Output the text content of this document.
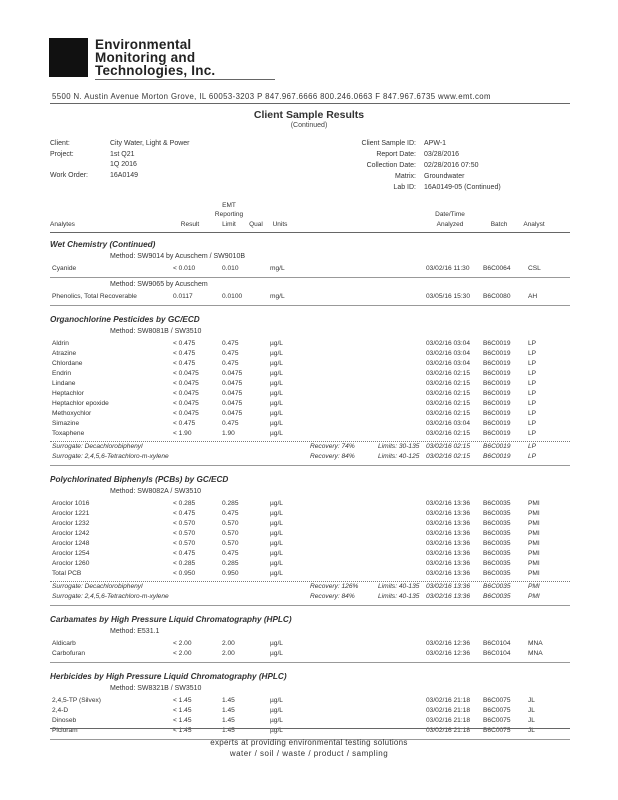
Environmental
Monitoring and
Technologies, Inc.
5500 N. Austin Avenue Morton Grove, IL 60053-3203 P 847.967.6666 800.246.0663 F 847.967.6735 www.emt.com
Client Sample Results
(Continued)
Client:	City Water, Light & Power
Project:	1st Q21
1Q 2016
Work Order:	16A0149
Client Sample ID: APW-1
Report Date: 03/28/2016
Collection Date: 02/28/2016 07:50
Matrix: Groundwater
Lab ID: 16A0149-05 (Continued)
Analytes	Result
EMT
Reporting
Limit	Qual	Units
Date/Time
Analyzed	Batch	Analyst
Wet Chemistry (Continued)
Method: SW9014 by Acuschem / SW9010B
Cyanide	< 0.010	0.010	mg/L	03/02/16 11:30 B6C0064	CSL
Method: SW9065 by Acuschem
Phenolics, Total Recoverable	0.0117	0.0100	mg/L	03/05/16 15:30 B6C0080	AH
Organochlorine Pesticides by GC/ECD
Method: SW8081B / SW3510
Aldrin	< 0.475	0.475	µg/L	03/02/16 03:04 B6C0019	LP
Atrazine	< 0.475	0.475	µg/L	03/02/16 03:04 B6C0019	LP
Chlordane	< 0.475	0.475	µg/L	03/02/16 03:04 B6C0019	LP
Endrin	< 0.0475	0.0475	µg/L	03/02/16 02:15 B6C0019	LP
Lindane	< 0.0475	0.0475	µg/L	03/02/16 02:15 B6C0019	LP
Heptachlor	< 0.0475	0.0475	µg/L	03/02/16 02:15 B6C0019	LP
Heptachlor epoxide	< 0.0475	0.0475	µg/L	03/02/16 02:15 B6C0019	LP
Methoxychlor	< 0.0475	0.0475	µg/L	03/02/16 02:15 B6C0019	LP
Simazine	< 0.475	0.475	µg/L	03/02/16 03:04 B6C0019	LP
Toxaphene	< 1.90	1.90	µg/L	03/02/16 02:15 B6C0019	LP
Surrogate: Decachlorobiphenyl	Recovery: 74%	Limits: 30-135 03/02/16 02:15 B6C0019	LP
Surrogate: 2,4,5,6-Tetrachloro-m-xylene	Recovery: 84%	Limits: 40-125 03/02/16 02:15 B6C0019	LP
Polychlorinated Biphenyls (PCBs) by GC/ECD
Method: SW8082A / SW3510
Aroclor 1016	< 0.285	0.285	µg/L	03/02/16 13:36 B6C0035	PMI
Aroclor 1221	< 0.475	0.475	µg/L	03/02/16 13:36 B6C0035	PMI
Aroclor 1232	< 0.570	0.570	µg/L	03/02/16 13:36 B6C0035	PMI
Aroclor 1242	< 0.570	0.570	µg/L	03/02/16 13:36 B6C0035	PMI
Aroclor 1248	< 0.570	0.570	µg/L	03/02/16 13:36 B6C0035	PMI
Aroclor 1254	< 0.475	0.475	µg/L	03/02/16 13:36 B6C0035	PMI
Aroclor 1260	< 0.285	0.285	µg/L	03/02/16 13:36 B6C0035	PMI
Total PCB	< 0.950	0.950	µg/L	03/02/16 13:36 B6C0035	PMI
Surrogate: Decachlorobiphenyl	Recovery: 126%	Limits: 40-135 03/02/16 13:36 B6C0035	PMI
Surrogate: 2,4,5,6-Tetrachloro-m-xylene	Recovery: 84%	Limits: 40-135 03/02/16 13:36 B6C0035	PMI
Carbamates by High Pressure Liquid Chromatography (HPLC)
Method: E531.1
Aldicarb	< 2.00	2.00	µg/L	03/02/16 12:36 B6C0104	MNA
Carbofuran	< 2.00	2.00	µg/L	03/02/16 12:36 B6C0104	MNA
Herbicides by High Pressure Liquid Chromatography (HPLC)
Method: SW8321B / SW3510
2,4,5-TP (Silvex)	< 1.45	1.45	µg/L	03/02/16 21:18 B6C0075	JL
2,4-D	< 1.45	1.45	µg/L	03/02/16 21:18 B6C0075	JL
Dinoseb	< 1.45	1.45	µg/L	03/02/16 21:18 B6C0075	JL
Picloram	< 1.45	1.45	µg/L	03/02/16 21:18 B6C0075	JL
experts at providing environmental testing solutions
water / soil / waste / product / sampling
